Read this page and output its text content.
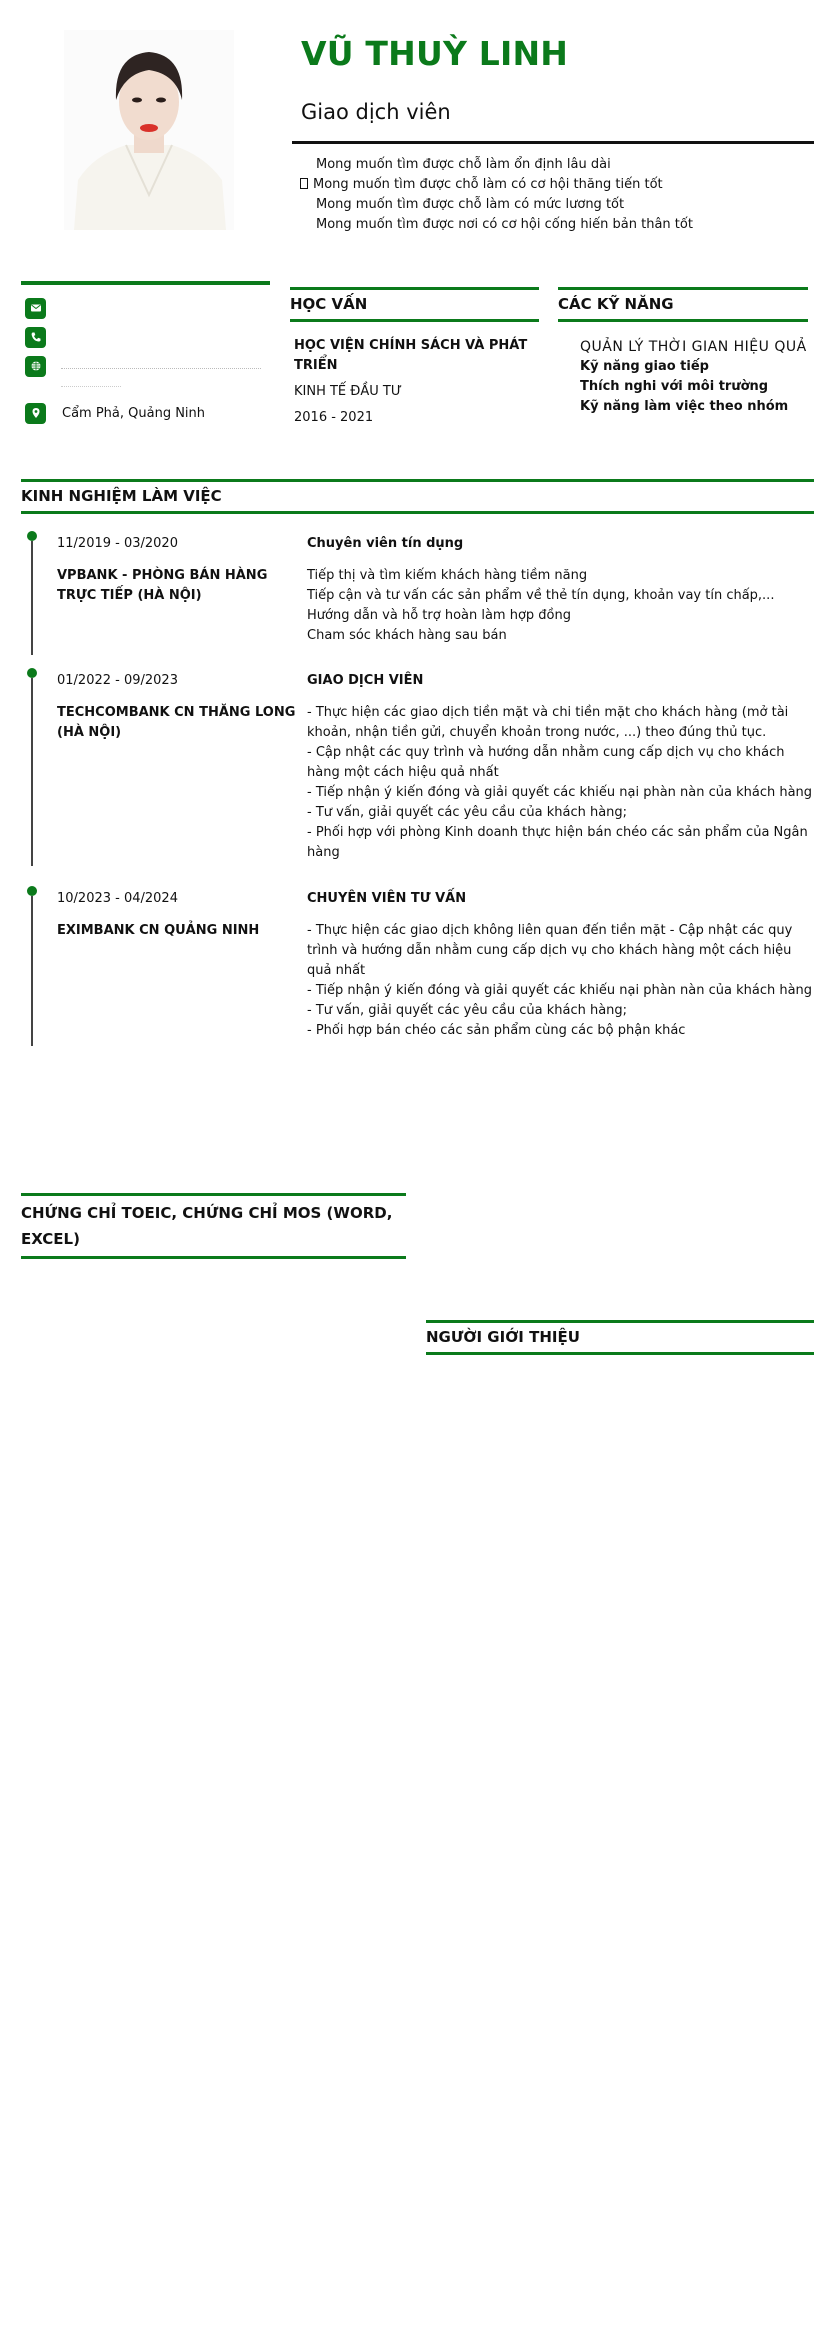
VŨ THUỲ LINH
Giao dịch viên
Mong muốn tìm được chỗ làm ổn định lâu dài
Mong muốn tìm được chỗ làm có cơ hội thăng tiến tốt
Mong muốn tìm được chỗ làm có mức lương tốt
Mong muốn tìm được nơi có cơ hội cống hiến bản thân tốt
Cẩm Phả, Quảng Ninh
HỌC VẤN
HỌC VIỆN CHÍNH SÁCH VÀ PHÁT TRIỂN
KINH TẾ ĐẦU TƯ
2016 - 2021
CÁC KỸ NĂNG
QUẢN LÝ THỜI GIAN HIỆU QUẢ
Kỹ năng giao tiếp
Thích nghi với môi trường
Kỹ năng làm việc theo nhóm
KINH NGHIỆM LÀM VIỆC
11/2019 - 03/2020
VPBANK - PHÒNG BÁN HÀNG TRỰC TIẾP (HÀ NỘI)
Chuyên viên tín dụng
Tiếp thị và tìm kiếm khách hàng tiềm năng
Tiếp cận và tư vấn các sản phẩm về thẻ tín dụng, khoản vay tín chấp,...
Hướng dẫn và hỗ trợ hoàn làm hợp đồng
Cham sóc khách hàng sau bán
01/2022 - 09/2023
TECHCOMBANK CN THĂNG LONG (HÀ NỘI)
GIAO DỊCH VIÊN
- Thực hiện các giao dịch tiền mặt và chi tiền mặt cho khách hàng (mở tài khoản, nhận tiền gửi, chuyển khoản trong nước, ...) theo đúng thủ tục.
- Cập nhật các quy trình và hướng dẫn nhằm cung cấp dịch vụ cho khách hàng một cách hiệu quả nhất
- Tiếp nhận ý kiến đóng và giải quyết các khiếu nại phàn nàn của khách hàng
- Tư vấn, giải quyết các yêu cầu của khách hàng;
- Phối hợp với phòng Kinh doanh thực hiện bán chéo các sản phẩm của Ngân hàng
10/2023 - 04/2024
EXIMBANK CN QUẢNG NINH
CHUYÊN VIÊN TƯ VẤN
- Thực hiện các giao dịch không liên quan đến tiền mặt - Cập nhật các quy trình và hướng dẫn nhằm cung cấp dịch vụ cho khách hàng một cách hiệu quả nhất
- Tiếp nhận ý kiến đóng và giải quyết các khiếu nại phàn nàn của khách hàng
- Tư vấn, giải quyết các yêu cầu của khách hàng;
- Phối hợp bán chéo các sản phẩm cùng các bộ phận khác
CHỨNG CHỈ TOEIC, CHỨNG CHỈ MOS (WORD, EXCEL)
NGƯỜI GIỚI THIỆU
